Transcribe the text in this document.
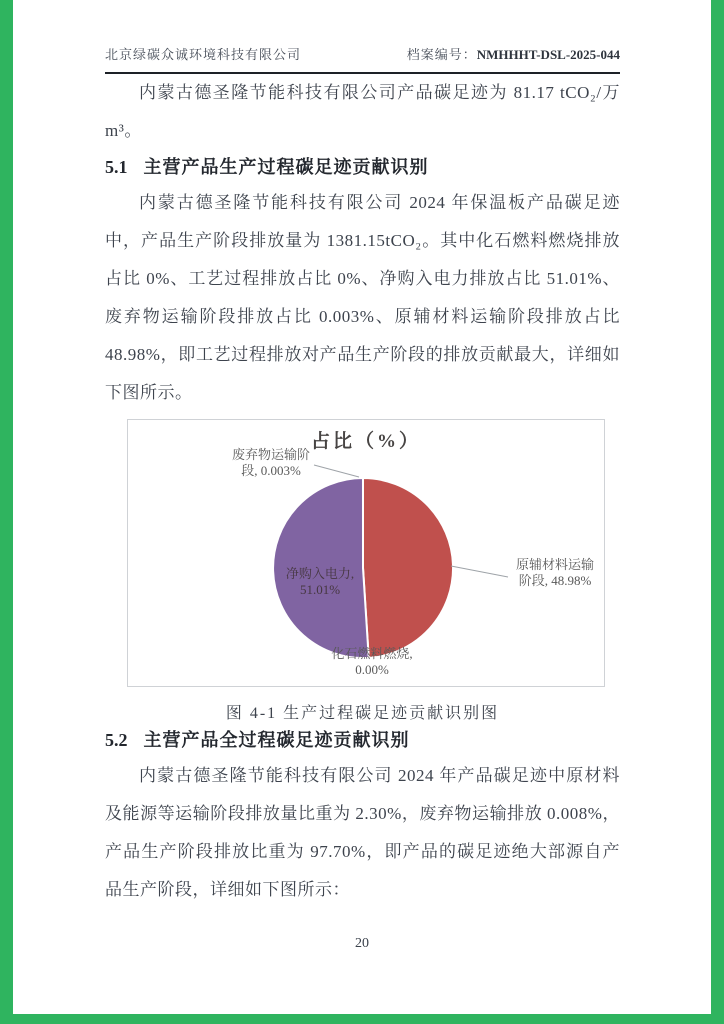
北京绿碳众诚环境科技有限公司	档案编号：NMHHHT-DSL-2025-044

内蒙古德圣隆节能科技有限公司产品碳足迹为 81.17 tCO₂/万 m³。

5.1 主营产品生产过程碳足迹贡献识别

内蒙古德圣隆节能科技有限公司 2024 年保温板产品碳足迹中，产品生产阶段排放量为 1381.15tCO₂。其中化石燃料燃烧排放占比 0%、工艺过程排放占比 0%、净购入电力排放占比 51.01%、废弃物运输阶段排放占比 0.003%、原辅材料运输阶段排放占比 48.98%，即工艺过程排放对产品生产阶段的排放贡献最大，详细如下图所示。

占比（%）
废弃物运输阶段, 0.003%
原辅材料运输阶段, 48.98%
净购入电力, 51.01%
化石燃料燃烧, 0.00%
图 4-1 生产过程碳足迹贡献识别图
5.2 主营产品全过程碳足迹贡献识别

内蒙古德圣隆节能科技有限公司 2024 年产品碳足迹中原材料及能源等运输阶段排放量比重为 2.30%，废弃物运输排放 0.008%，产品生产阶段排放比重为 97.70%，即产品的碳足迹绝大部源自产品生产阶段，详细如下图所示：

20
